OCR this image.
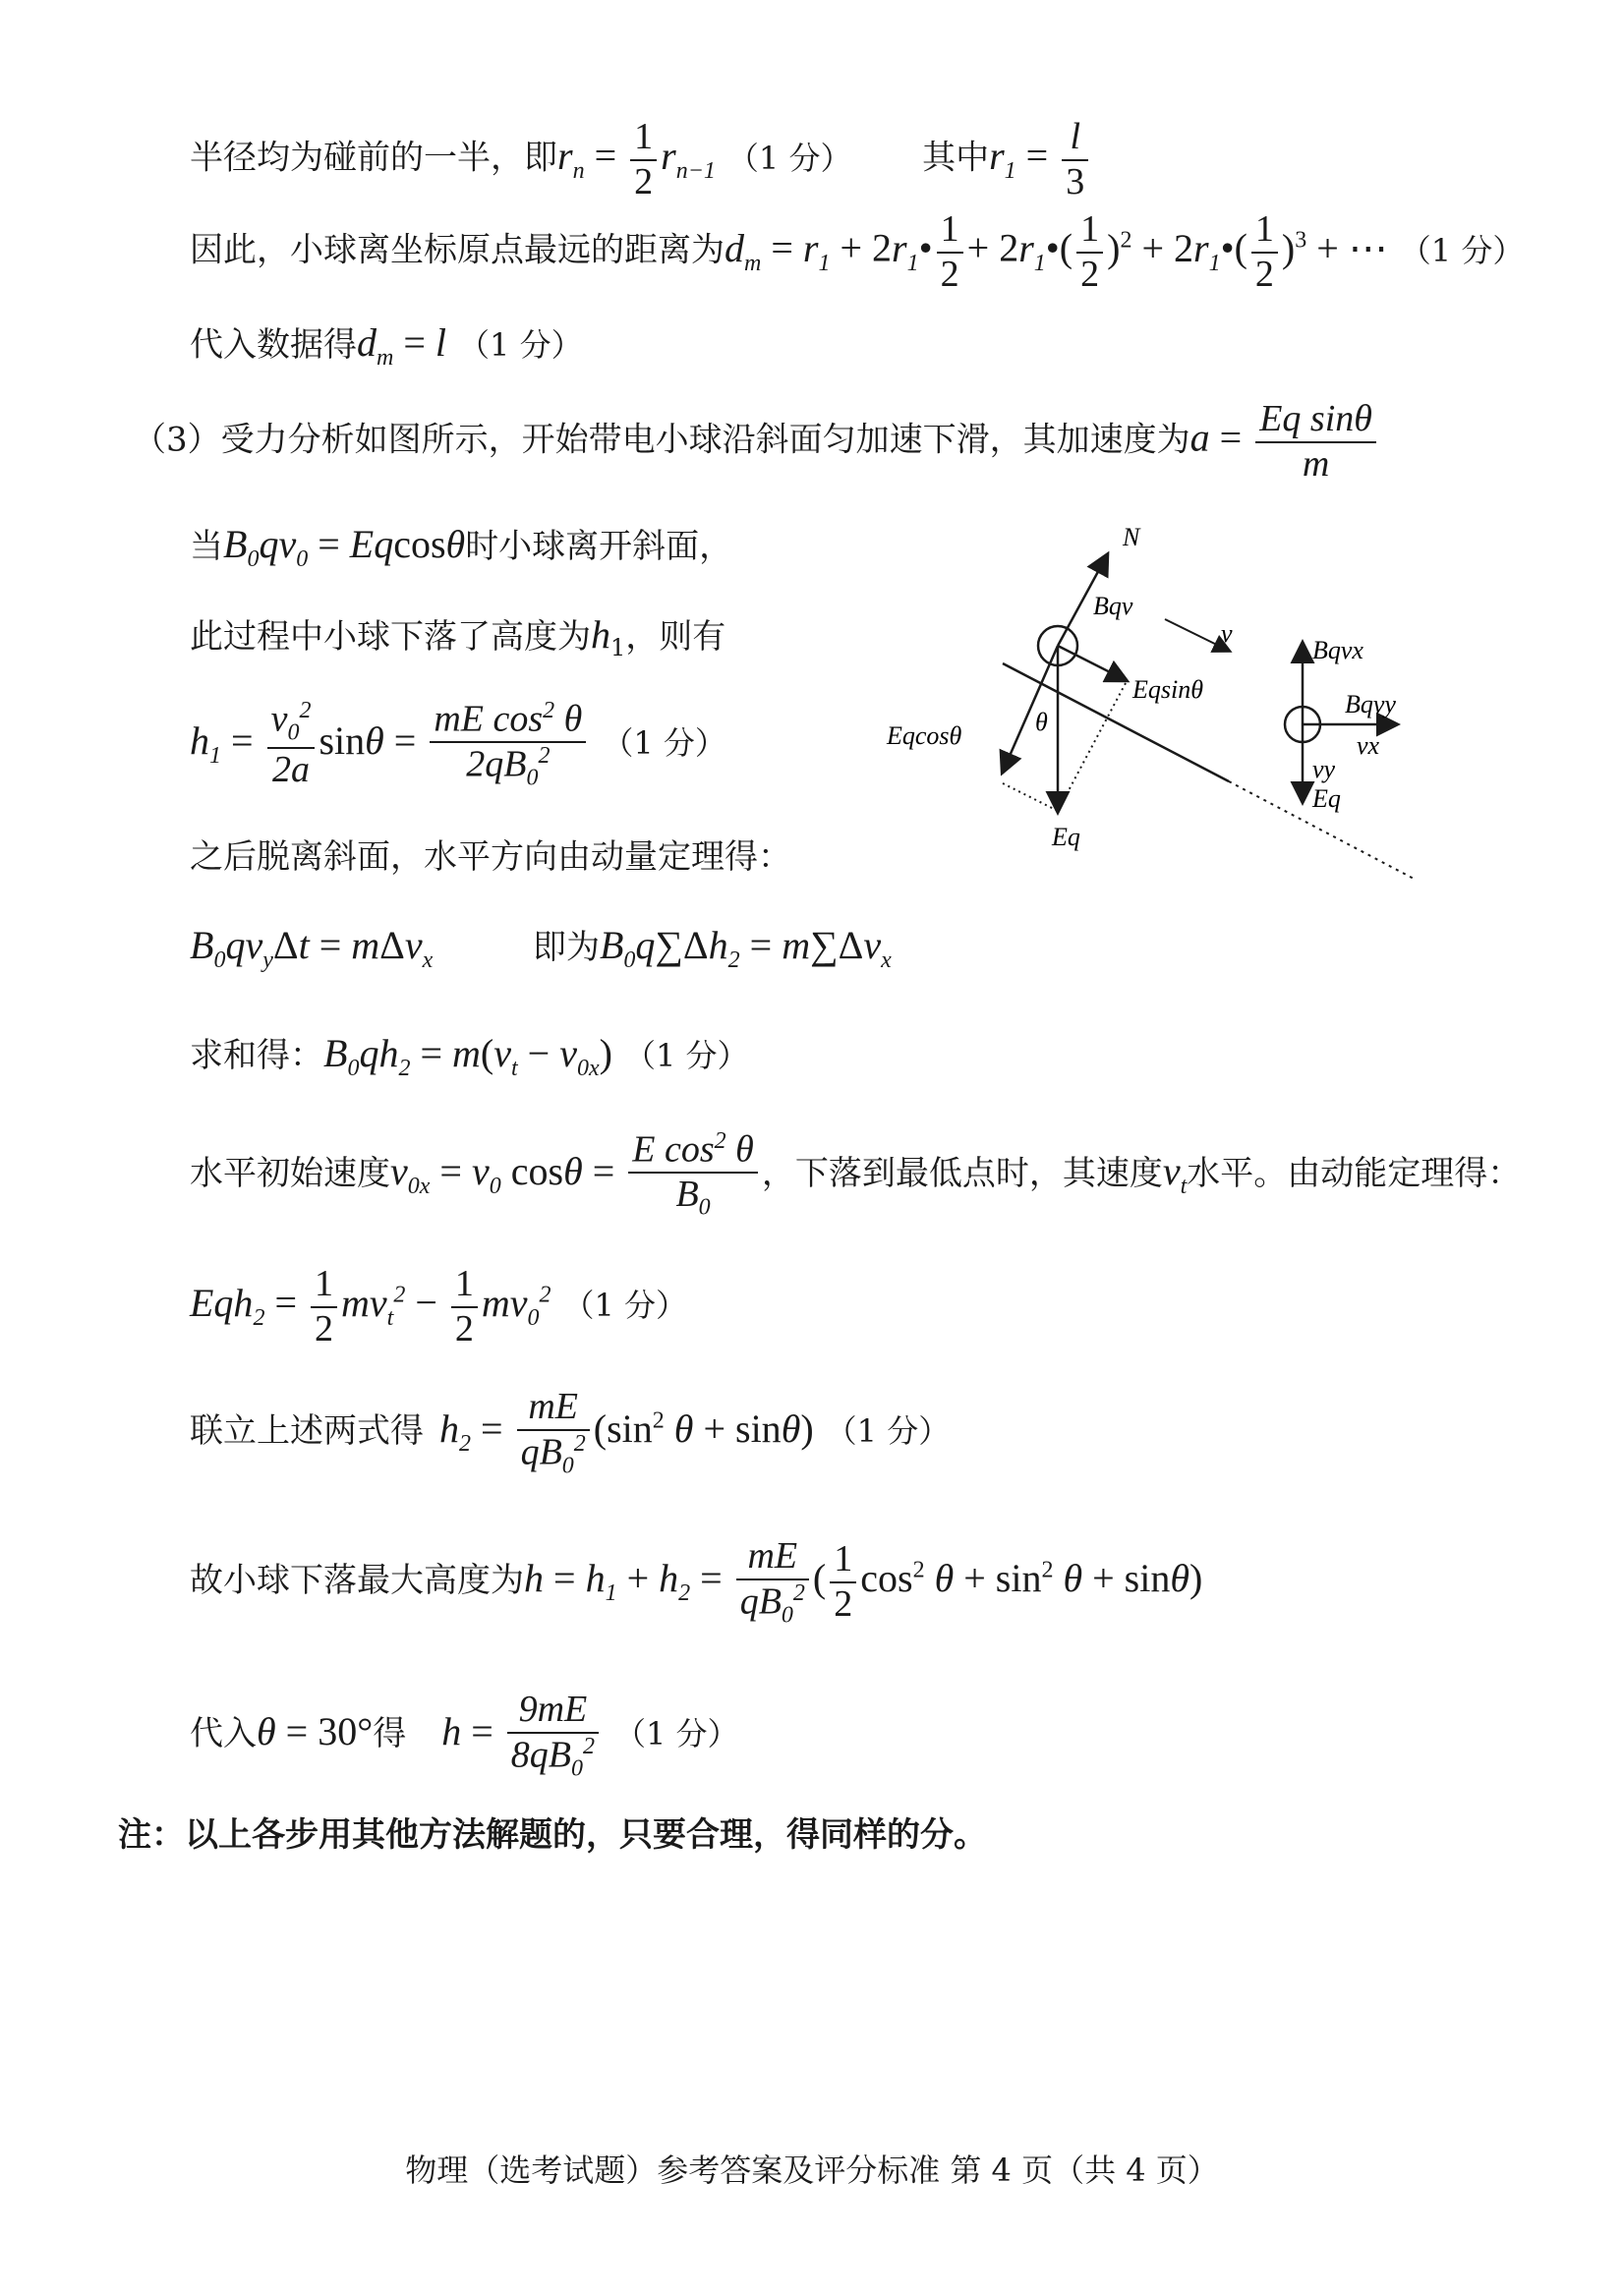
半径均为碰前的一半，即$r_n = \frac{1}{2} r_{n-1}$ （1 分） 其中$r_1 = \frac{l}{3}$
因此，小球离坐标原点最远的距离为$d_m = r_1$ + $2r_1• \frac{1}{2}$ + $2r_1•( \frac{1}{2} )^2$ + $2r_1•( \frac{1}{2} )^3$ + ⋯ （1 分）
代入数据得$d_m = l$ （1 分）
（3）受力分析如图所示，开始带电小球沿斜面匀加速下滑，其加速度为$a = \frac{\text{Eq sinθ}}{m}$
当$B_0qv_0 = Eqcos\theta$时小球离开斜面，
此过程中小球下落了高度为$h_1$，则有
$h_1 = \frac{v_0^2}{2a}$ $\sin\theta = \frac{mE \cos^2 \theta}{2qB_0^2} (1$ 分）
之后脱离斜面，水平方向由动量定理得：
$B_0qv_y\Delta t = m\Delta v_x$	即为$B_0q\sum\Delta h_2 = m\sum\Delta v_x$
求和得：$B_0qh_2 = m(v_t - v_{0x})$ （1 分）
水平初始速度$v_{0x} = v_0$ $\cos\theta = \frac{E \cos^2 \theta}{B_0}$ ，下落到最低点时，其速度$v_t$水平。由动能定理得：
$Eqh_2 = \frac{1}{2} mv_t^2 - \frac{1}{2} mv_0^2$ （1 分）
联立上述两式得 $h_2 = \frac{mE}{qB_0^2} (\sin^2$ θ + sinθ) （1 分）
故小球下落最大高度为$h = h_1 + h_2 = \frac{mE}{qB_0^2}$ ( $\frac{1}{2} \cos^2 \theta + \sin^2 \theta + \sin\theta$)
代入θ = 30°得 $h = \frac{9mE}{8qB_0^2} (1$ 分）
注：以上各步用其他方法解题的，只要合理，得同样的分。
N
Bqv
v
Eqsinθ
Eqcosθ
Eq
θ
Bqvx
Bqvy
vx
vy
Eq
物理（选考试题）参考答案及评分标准 第 4 页（共 4 页）
